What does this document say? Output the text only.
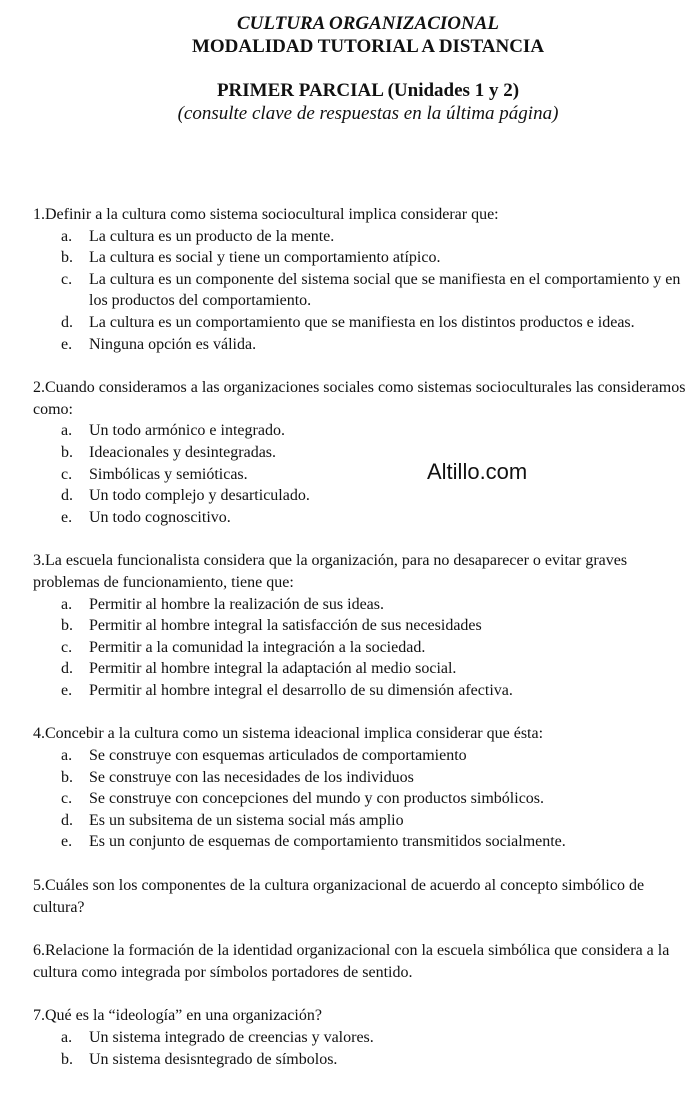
CULTURA ORGANIZACIONAL
MODALIDAD TUTORIAL A DISTANCIA
PRIMER PARCIAL (Unidades 1 y 2)
(consulte clave de respuestas en la última página)

1.Definir a la cultura como sistema sociocultural implica considerar que:

a. La cultura es un producto de la mente.
b. La cultura es social y tiene un comportamiento atípico.
c. La cultura es un componente del sistema social que se manifiesta en el comportamiento y en los productos del comportamiento.
d. La cultura es un comportamiento que se manifiesta en los distintos productos e ideas.
e. Ninguna opción es válida.

2.Cuando consideramos a las organizaciones sociales como sistemas socioculturales las consideramos como:

a. Un todo armónico e integrado.
b. Ideacionales y desintegradas.
c. Simbólicas y semióticas.
d. Un todo complejo y desarticulado.
e. Un todo cognoscitivo.

3.La escuela funcionalista considera que la organización, para no desaparecer o evitar graves problemas de funcionamiento, tiene que:

a. Permitir al hombre la realización de sus ideas.
b. Permitir al hombre integral la satisfacción de sus necesidades
c. Permitir a la comunidad la integración a la sociedad.
d. Permitir al hombre integral la adaptación al medio social.
e. Permitir al hombre integral el desarrollo de su dimensión afectiva.

4.Concebir a la cultura como un sistema ideacional implica considerar que ésta:

a. Se construye con esquemas articulados de comportamiento
b. Se construye con las necesidades de los individuos
c. Se construye con concepciones del mundo y con productos simbólicos.
d. Es un subsitema de un sistema social más amplio
e. Es un conjunto de esquemas de comportamiento transmitidos socialmente.

5.Cuáles son los componentes de la cultura organizacional de acuerdo al concepto simbólico de cultura?

6.Relacione la formación de la identidad organizacional con la escuela simbólica que considera a la cultura como integrada por símbolos portadores de sentido.

7.Qué es la “ideología” en una organización?

a. Un sistema integrado de creencias y valores.
b. Un sistema desisntegrado de símbolos.
Altillo.com
